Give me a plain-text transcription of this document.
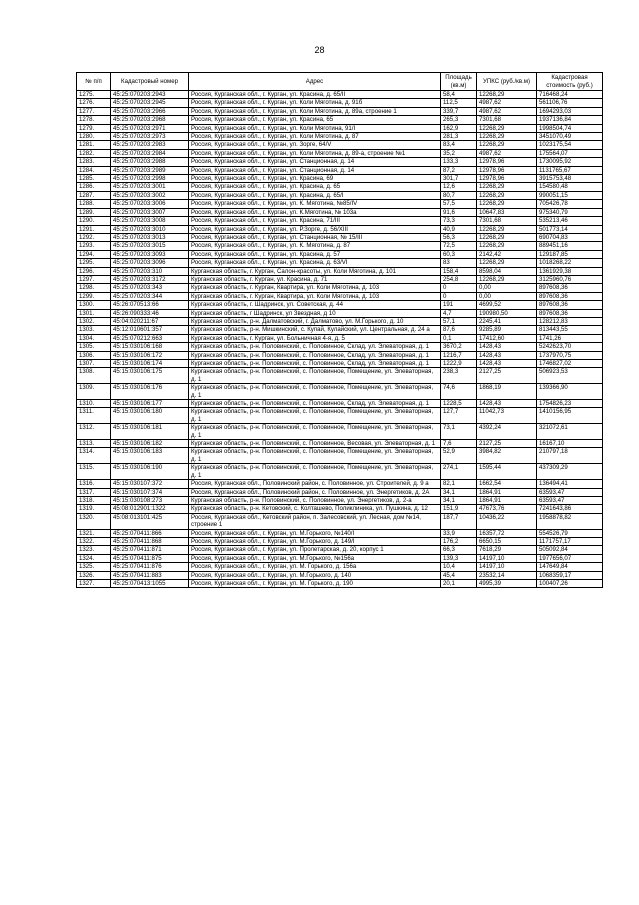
28
№ п/п	Кадастровый номер	Адрес	Площадь (кв.м)	УПКС (руб./кв.м)	Кадастровая стоимость (руб.)
1275.	45:25:070203:2943	Россия, Курганская обл., г. Курган, ул. Красина, д. 65/II	58,4	12268,29	716468,24
1276.	45:25:070203:2945	Россия, Курганская обл., г. Курган, ул. Коли Мяготина, д. 91б	112,5	4987,62	561106,76
1277.	45:25:070203:2966	Россия, Курганская обл., г. Курган, ул. Коли Мяготина, д. 89а, строение 1	339,7	4987,62	1694293,03
1278.	45:25:070203:2968	Россия, Курганская обл., г. Курган, ул. Красина, 65	265,3	7301,68	1937136,84
1279.	45:25:070203:2971	Россия, Курганская обл., г. Курган, ул. Коли Мяготина, 91/I	162,9	12268,29	1998504,74
1280.	45:25:070203:2973	Россия, Курганская обл., г. Курган, ул. Коли Мяготина, д. 87	281,3	12268,29	3451070,49
1281.	45:25:070203:2983	Россия, Курганская обл., г. Курган, ул. Зорге, 64/V	83,4	12268,29	1023175,54
1282.	45:25:070203:2984	Россия, Курганская обл., г. Курган, ул. Коли Мяготина, д. 89-а, строение №1	35,2	4987,62	175564,07
1283.	45:25:070203:2988	Россия, Курганская обл., г. Курган, ул. Станционная, д. 14	133,3	12978,96	1730095,92
1284.	45:25:070203:2989	Россия, Курганская обл., г. Курган, ул. Станционная, д. 14	87,2	12978,96	1131765,67
1285.	45:25:070203:2998	Россия, Курганская обл., г. Курган, ул. Красина, 69	301,7	12978,96	3915753,48
1286.	45:25:070203:3001	Россия, Курганская обл., г. Курган, ул. Красина, д. 65	12,6	12268,29	154580,48
1287.	45:25:070203:3002	Россия, Курганская обл., г. Курган, ул. Красина, д. 65/I	80,7	12268,29	990051,15
1288.	45:25:070203:3006	Россия, Курганская обл., г. Курган, ул. К. Мяготина, №85/IV	57,5	12268,29	705426,78
1289.	45:25:070203:3007	Россия, Курганская обл., г. Курган, ул. К.Мяготина, № 103а	91,6	10647,83	975340,79
1290.	45:25:070203:3008	Россия, Курганская обл., г. Курган, ул. Красина, 71/III	73,3	7301,68	535213,46
1291.	45:25:070203:3010	Россия, Курганская обл., г. Курган, ул. Р.Зорге, д. 56/XIII	40,9	12268,29	501773,14
1292.	45:25:070203:3013	Россия, Курганская обл., г. Курган, ул. Станционная, № 15/III	56,3	12268,29	690704,83
1293.	45:25:070203:3015	Россия, Курганская обл., г. Курган, ул. К. Мяготина, д. 87	72,5	12268,29	889451,16
1294.	45:25:070203:3093	Россия, Курганская обл., г. Курган, ул. Красина, д. 57	60,3	2142,42	129187,85
1295.	45:25:070203:3096	Россия, Курганская обл., г. Курган, ул. Красина, д. 63/VI	83	12268,29	1018268,22
1296.	45:25:070203:310	Курганская область, г. Курган, Салон-красоты, ул. Коли Мяготина, д. 101	158,4	8598,04	1361929,38
1297.	45:25:070203:3172	Курганская область, г. Курган, ул. Красина, д. 71	254,8	12268,29	3125960,76
1298.	45:25:070203:343	Курганская область, г. Курган, Квартира, ул. Коли Мяготина, д. 103	0	0,00	897608,36
1299.	45:25:070203:344	Курганская область, г. Курган, Квартира, ул. Коли Мяготина, д. 103	0	0,00	897608,36
1300.	45:26:070513:66	Курганская область, г. Шадринск, ул. Советская, д. 44	191	4699,52	897608,36
1301.	45:26:090333:46	Курганская область, г Шадринск, ул Звездная, д 10	4,7	190980,50	897608,36
1302.	45:04:020211:67	Курганская область, р-н. Далматовский, г. Далматово, ул. М.Горького, д. 10	57,1	2245,41	128212,83
1303.	45:12:010601:357	Курганская область, р-н. Мишкинский, с. Купай, Кулайский, ул. Центральная, д. 24 а	87,6	9285,89	813443,55
1304.	45:25:070212:663	Курганская область, г. Курган, ул. Больничная 4-я, д. 5	0,1	17412,60	1741,26
1305.	45:15:030106:168	Курганская область, р-н. Половинский, с. Половинное, Склад, ул. Элеваторная, д. 1	3670,2	1428,43	5242623,70
1306.	45:15:030106:172	Курганская область, р-н. Половинский, с. Половинное, Склад, ул. Элеваторная, д. 1	1216,7	1428,43	1737970,75
1307.	45:15:030106:174	Курганская область, р-н. Половинский, с. Половинное, Склад, ул. Элеваторная, д. 1	1222,9	1428,43	1746827,02
1308.	45:15:030106:175	Курганская область, р-н. Половинский, с. Половинное, Помещение, ул. Элеваторная, д. 1	238,3	2127,25	506923,53
1309.	45:15:030106:176	Курганская область, р-н. Половинский, с. Половинное, Помещение, ул. Элеваторная, д. 1	74,6	1868,19	139366,90
1310.	45:15:030106:177	Курганская область, р-н. Половинский, с. Половинное, Склад, ул. Элеваторная, д. 1	1228,5	1428,43	1754826,23
1311.	45:15:030106:180	Курганская область, р-н. Половинский, с. Половинное, Помещение, ул. Элеваторная, д. 1	127,7	11042,73	1410156,95
1312.	45:15:030106:181	Курганская область, р-н. Половинский, с. Половинное, Помещение, ул. Элеваторная, д. 1	73,1	4392,24	321072,61
1313.	45:15:030106:182	Курганская область, р-н. Половинский, с. Половинное, Весовая, ул. Элеваторная, д. 1	7,6	2127,25	16167,10
1314.	45:15:030106:183	Курганская область, р-н. Половинский, с. Половинное, Помещение, ул. Элеваторная, д. 1	52,9	3984,82	210797,18
1315.	45:15:030106:190	Курганская область, р-н. Половинский, с. Половинное, Помещение, ул. Элеваторная, д. 1	274,1	1595,44	437309,29
1316.	45:15:030107:372	Россия, Курганская обл., Половинский район, с. Половинное, ул. Строителей, д. 9 а	82,1	1662,54	136494,41
1317.	45:15:030107:374	Россия, Курганская обл., Половинский район, с. Половинное, ул. Энергетиков, д. 2А	34,1	1864,91	63593,47
1318.	45:15:030108:273	Курганская область, р-н. Половинский, с. Половинное, ул. Энергетиков, д. 2-а	34,1	1864,91	63593,47
1319.	45:08:012901:1322	Курганская область, р-н. Кетовский, с. Колташево, Поликлиника, ул. Пушкина, д. 12	151,9	47673,76	7241643,86
1320.	45:08:013101:425	Россия, Курганская обл., Кетовский район, п. Залесовский, ул. Лесная, дом №14, строение 1	187,7	10436,22	1958878,82
1321.	45:25:070411:866	Россия, Курганская обл., г. Курган, ул. М.Горького, №140/I	33,9	16357,72	554526,79
1322.	45:25:070411:868	Россия, Курганская обл., г. Курган, ул. М.Горького, д. 149/I	176,2	6650,15	1171757,17
1323.	45:25:070411:871	Россия, Курганская обл., г. Курган, ул. Пролетарская, д. 20, корпус 1	66,3	7618,29	505092,84
1324.	45:25:070411:875	Россия, Курганская обл., г. Курган, ул. М.Горького, №156а	139,3	14197,10	1977656,07
1325.	45:25:070411:876	Россия, Курганская обл., г. Курган, ул. М. Горького, д. 156а	10,4	14197,10	147649,84
1326.	45:25:070411:883	Россия, Курганская обл., г. Курган, ул. М.Горького, д. 140	45,4	23532,14	1068359,17
1327.	45:25:070413:1055	Россия, Курганская обл., г. Курган, ул. М. Горького, д. 190	20,1	4995,39	100407,26
